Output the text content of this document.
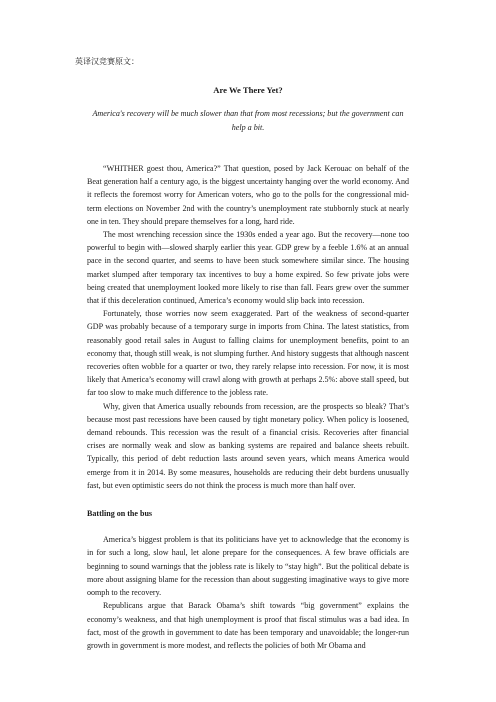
英译汉竞赛原文：
Are We There Yet?
America's recovery will be much slower than that from most recessions; but the government can help a bit.

“WHITHER goest thou, America?” That question, posed by Jack Kerouac on behalf of the Beat generation half a century ago, is the biggest uncertainty hanging over the world economy. And it reflects the foremost worry for American voters, who go to the polls for the congressional mid-term elections on November 2nd with the country’s unemployment rate stubbornly stuck at nearly one in ten. They should prepare themselves for a long, hard ride.

The most wrenching recession since the 1930s ended a year ago. But the recovery—none too powerful to begin with—slowed sharply earlier this year. GDP grew by a feeble 1.6% at an annual pace in the second quarter, and seems to have been stuck somewhere similar since. The housing market slumped after temporary tax incentives to buy a home expired. So few private jobs were being created that unemployment looked more likely to rise than fall. Fears grew over the summer that if this deceleration continued, America’s economy would slip back into recession.

Fortunately, those worries now seem exaggerated. Part of the weakness of second-quarter GDP was probably because of a temporary surge in imports from China. The latest statistics, from reasonably good retail sales in August to falling claims for unemployment benefits, point to an economy that, though still weak, is not slumping further. And history suggests that although nascent recoveries often wobble for a quarter or two, they rarely relapse into recession. For now, it is most likely that America’s economy will crawl along with growth at perhaps 2.5%: above stall speed, but far too slow to make much difference to the jobless rate.

Why, given that America usually rebounds from recession, are the prospects so bleak? That’s because most past recessions have been caused by tight monetary policy. When policy is loosened, demand rebounds. This recession was the result of a financial crisis. Recoveries after financial crises are normally weak and slow as banking systems are repaired and balance sheets rebuilt. Typically, this period of debt reduction lasts around seven years, which means America would emerge from it in 2014. By some measures, households are reducing their debt burdens unusually fast, but even optimistic seers do not think the process is much more than half over.

Battling on the bus

America’s biggest problem is that its politicians have yet to acknowledge that the economy is in for such a long, slow haul, let alone prepare for the consequences. A few brave officials are beginning to sound warnings that the jobless rate is likely to “stay high”. But the political debate is more about assigning blame for the recession than about suggesting imaginative ways to give more oomph to the recovery.

Republicans argue that Barack Obama’s shift towards “big government” explains the economy’s weakness, and that high unemployment is proof that fiscal stimulus was a bad idea. In fact, most of the growth in government to date has been temporary and unavoidable; the longer-run growth in government is more modest, and reflects the policies of both Mr Obama and
